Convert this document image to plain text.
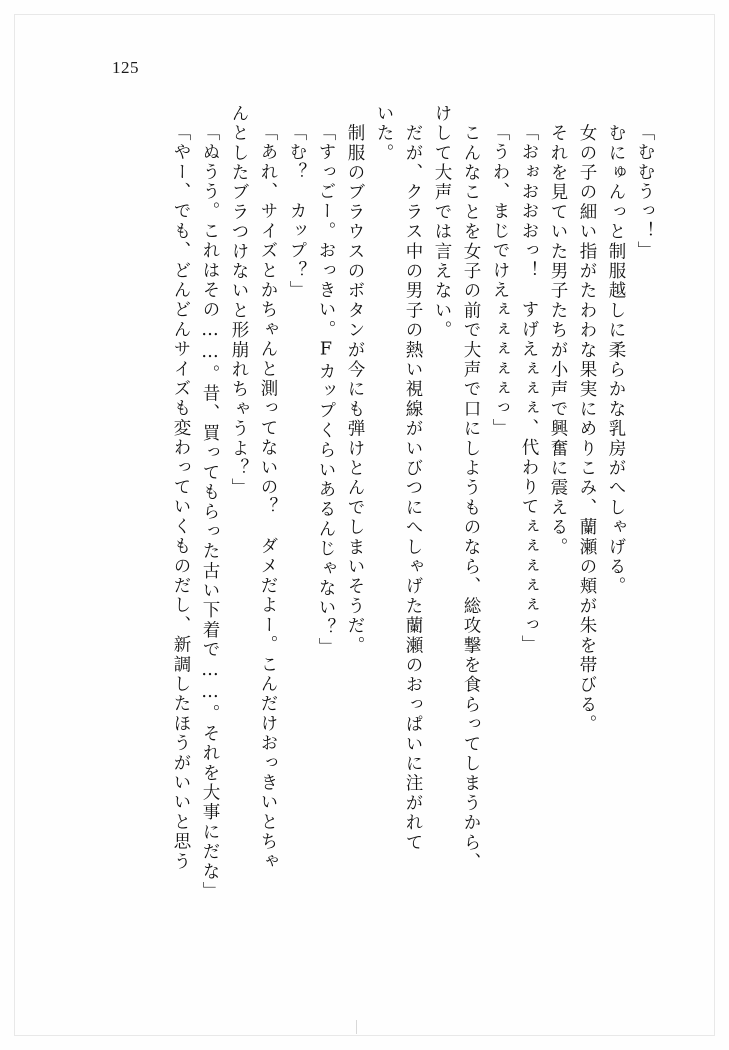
125
「むむうっ！」
　むにゅんっと制服越しに柔らかな乳房がへしゃげる。
　女の子の細い指がたわわな果実にめりこみ、蘭瀬の頬が朱を帯びる。
　それを見ていた男子たちが小声で興奮に震える。
「おぉおおおっ！　すげえぇぇぇ、代わりてぇぇぇぇぇっ」
「うわ、まじでけえぇぇぇぇぇっ」
　こんなことを女子の前で大声で口にしようものなら、総攻撃を食らってしまうから、
けして大声では言えない。
　だが、クラス中の男子の熱い視線がいびつにへしゃげた蘭瀬のおっぱいに注がれて
いた。
　制服のブラウスのボタンが今にも弾けとんでしまいそうだ。
「すっごー。おっきい。Fカップくらいあるんじゃない？」
「む？　カップ？」
「あれ、サイズとかちゃんと測ってないの？　ダメだよー。こんだけおっきいとちゃ
んとしたブラつけないと形崩れちゃうよ？」
「ぬうう。これはその……。昔、買ってもらった古い下着で……。それを大事にだな」
「やー、でも、どんどんサイズも変わっていくものだし、新調したほうがいいと思う
